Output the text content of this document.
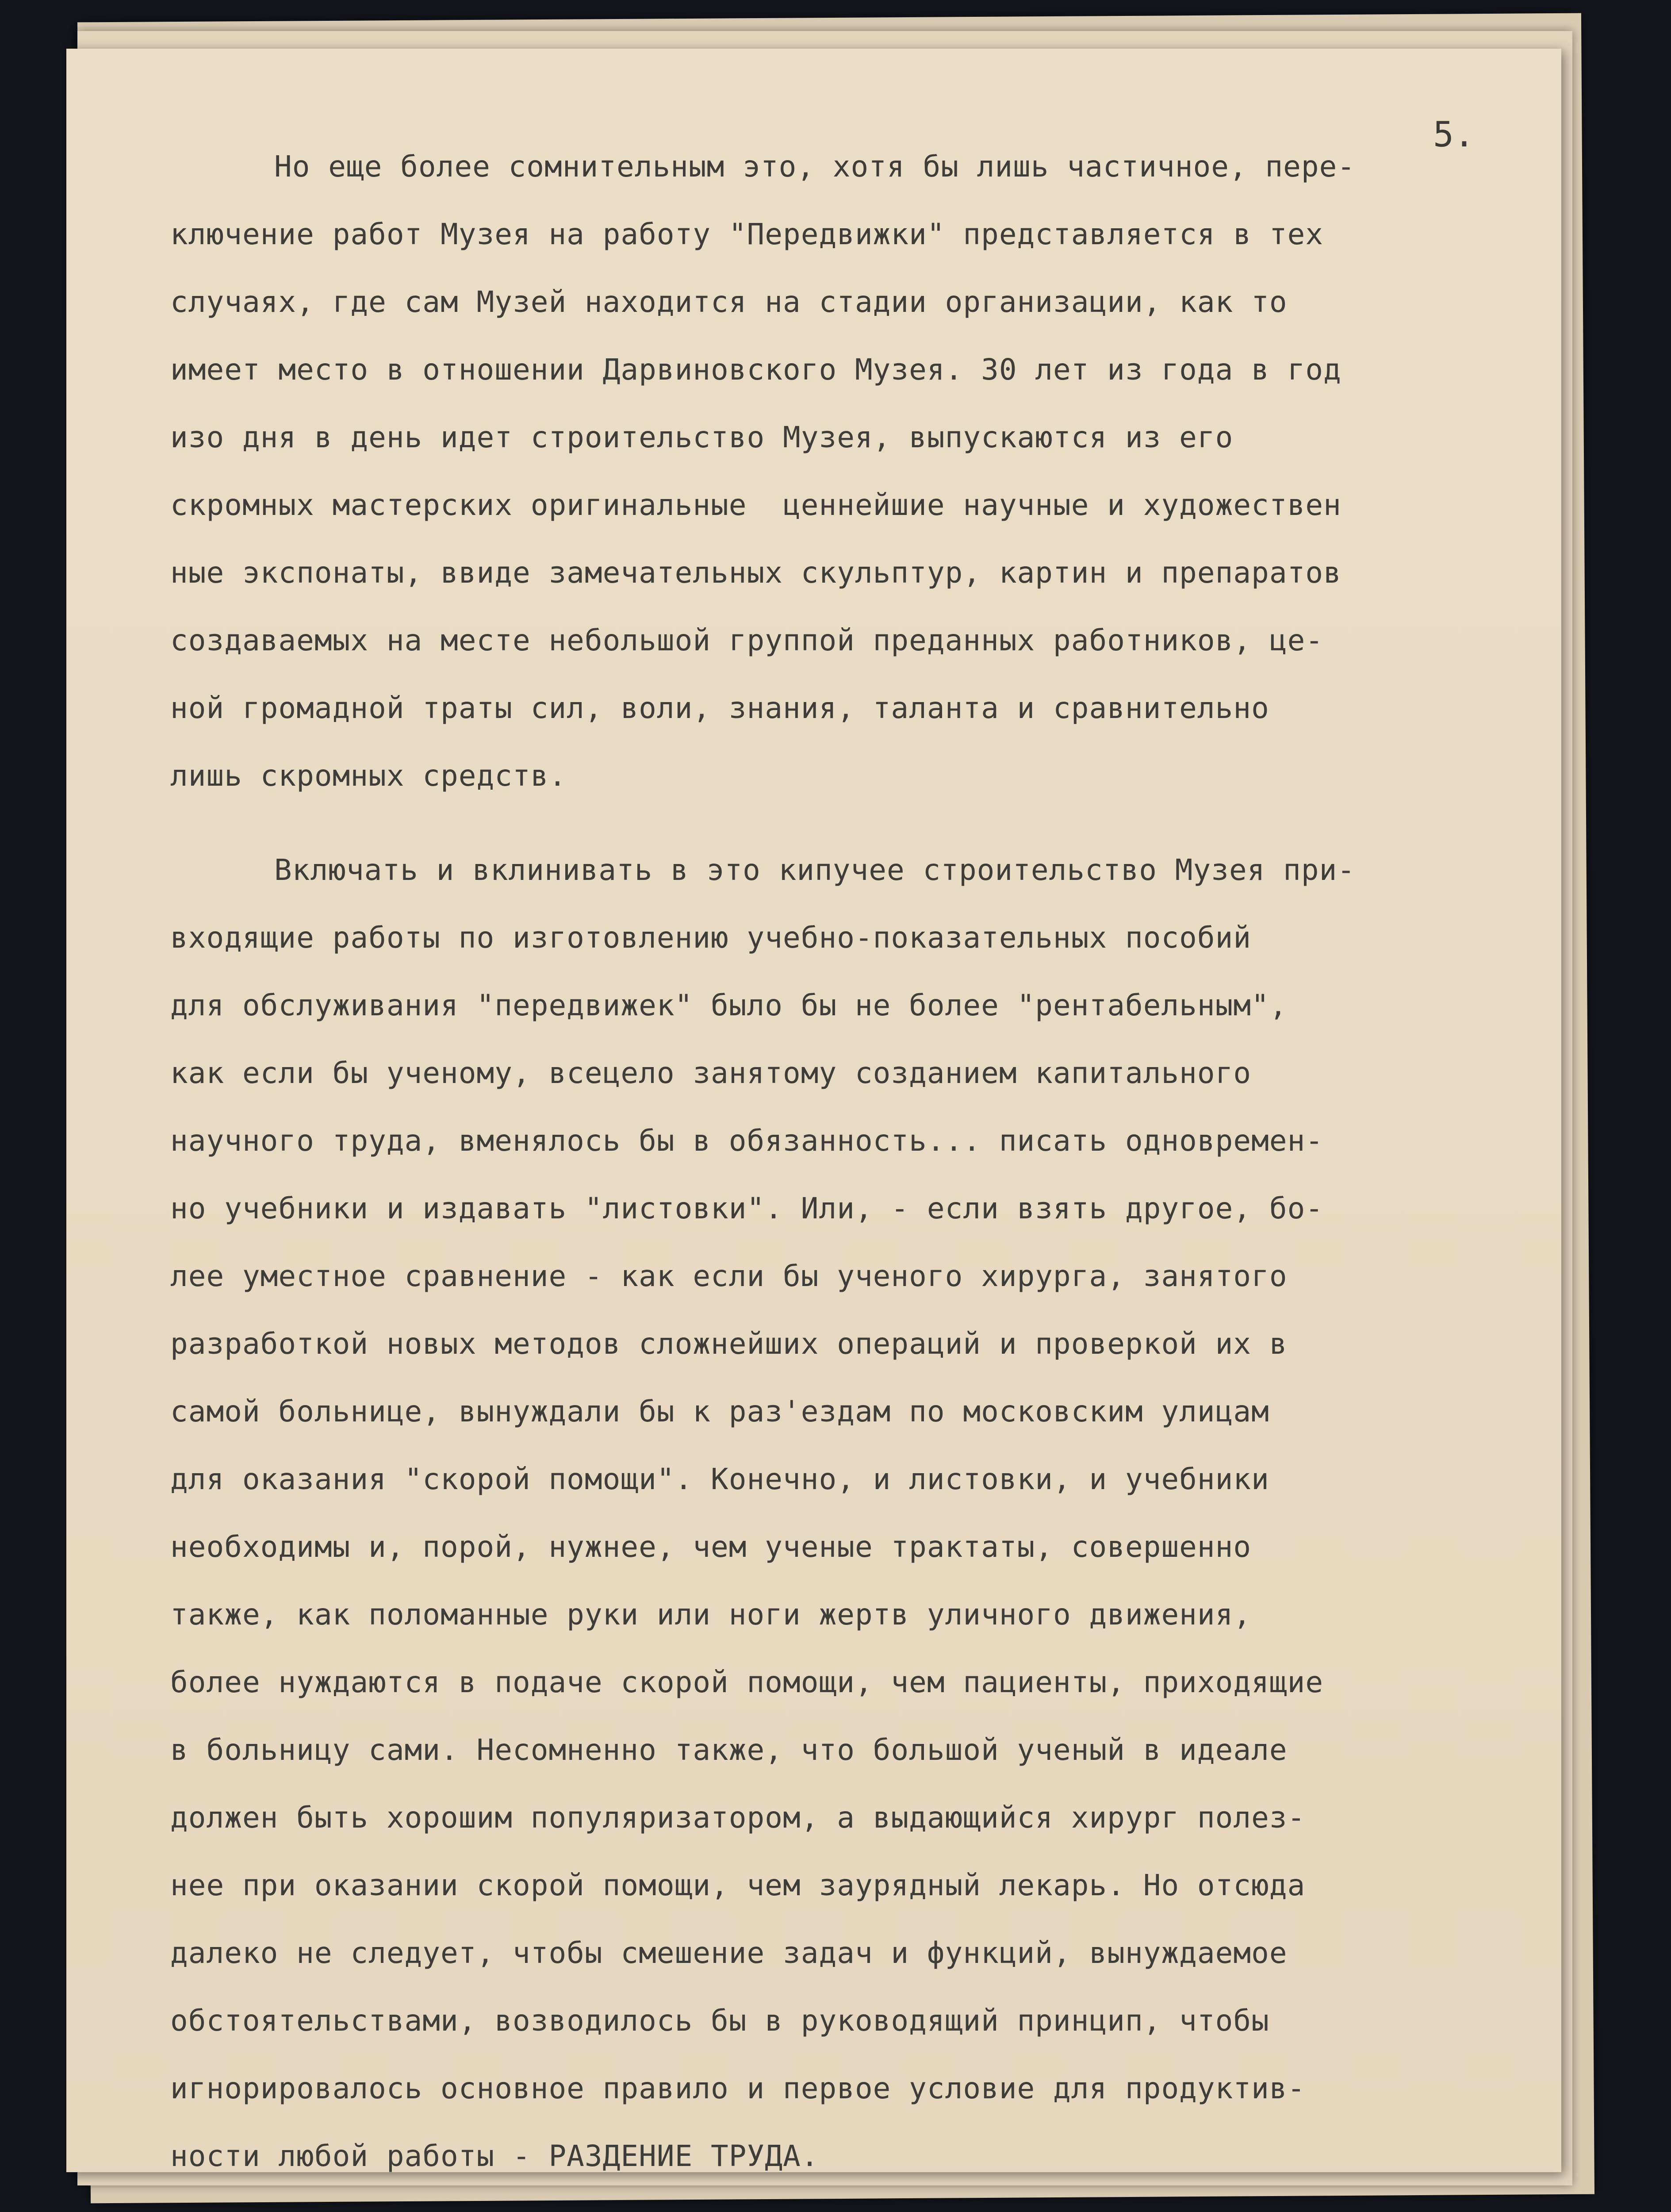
5.
Но еще более сомнительным это, хотя бы лишь частичное, пере-
ключение работ Музея на работу "Передвижки" представляется в тех
случаях, где сам Музей находится на стадии организации, как то
имеет место в отношении Дарвиновского Музея. 30 лет из года в год
изо дня в день идет строительство Музея, выпускаются из его
скромных мастерских оригинальные  ценнейшие научные и художествен
ные экспонаты, ввиде замечательных скульптур, картин и препаратов
создаваемых на месте небольшой группой преданных работников, це-
ной громадной траты сил, воли, знания, таланта и сравнительно
лишь скромных средств.
Включать и вклинивать в это кипучее строительство Музея при-
входящие работы по изготовлению учебно-показательных пособий
для обслуживания "передвижек" было бы не более "рентабельным",
как если бы ученому, всецело занятому созданием капитального
научного труда, вменялось бы в обязанность... писать одновремен-
но учебники и издавать "листовки". Или, - если взять другое, бо-
лее уместное сравнение - как если бы ученого хирурга, занятого
разработкой новых методов сложнейших операций и проверкой их в
самой больнице, вынуждали бы к раз'ездам по московским улицам
для оказания "скорой помощи". Конечно, и листовки, и учебники
необходимы и, порой, нужнее, чем ученые трактаты, совершенно
также, как поломанные руки или ноги жертв уличного движения,
более нуждаются в подаче скорой помощи, чем пациенты, приходящие
в больницу сами. Несомненно также, что большой ученый в идеале
должен быть хорошим популяризатором, а выдающийся хирург полез-
нее при оказании скорой помощи, чем заурядный лекарь. Но отсюда
далеко не следует, чтобы смешение задач и функций, вынуждаемое
обстоятельствами, возводилось бы в руководящий принцип, чтобы
игнорировалось основное правило и первое условие для продуктив-
ности любой работы - РАЗДЕНИЕ ТРУДА.
